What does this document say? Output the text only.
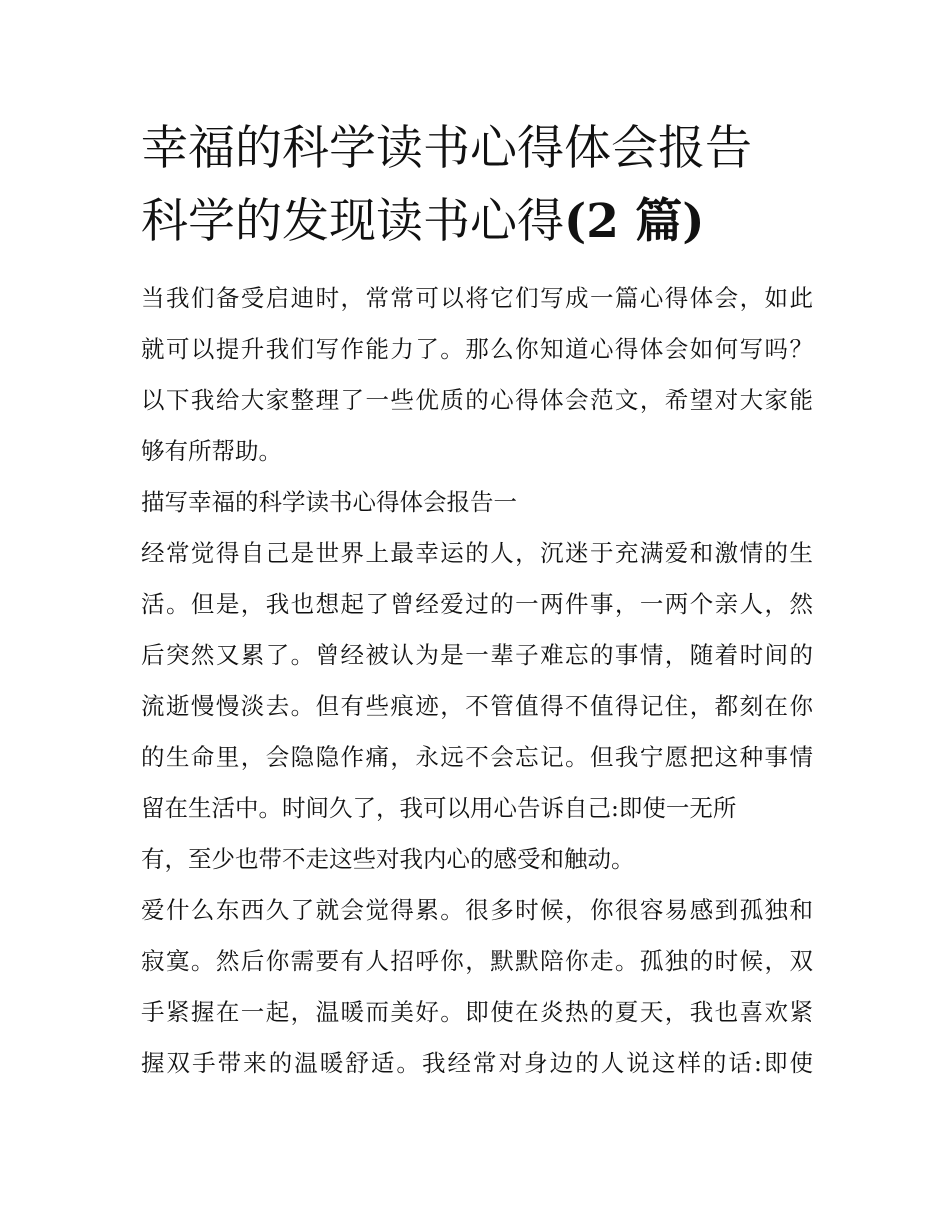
幸福的科学读书心得体会报告
科学的发现读书心得(2 篇)

当我们备受启迪时，常常可以将它们写成一篇心得体会，如此
就可以提升我们写作能力了。那么你知道心得体会如何写吗？
以下我给大家整理了一些优质的心得体会范文，希望对大家能
够有所帮助。

描写幸福的科学读书心得体会报告一

经常觉得自己是世界上最幸运的人，沉迷于充满爱和激情的生
活。但是，我也想起了曾经爱过的一两件事，一两个亲人，然
后突然又累了。曾经被认为是一辈子难忘的事情，随着时间的
流逝慢慢淡去。但有些痕迹，不管值得不值得记住，都刻在你
的生命里，会隐隐作痛，永远不会忘记。但我宁愿把这种事情
留在生活中。时间久了，我可以用心告诉自己:即使一无所
有，至少也带不走这些对我内心的感受和触动。

爱什么东西久了就会觉得累。很多时候，你很容易感到孤独和
寂寞。然后你需要有人招呼你，默默陪你走。孤独的时候，双
手紧握在一起，温暖而美好。即使在炎热的夏天，我也喜欢紧
握双手带来的温暖舒适。我经常对身边的人说这样的话:即使
